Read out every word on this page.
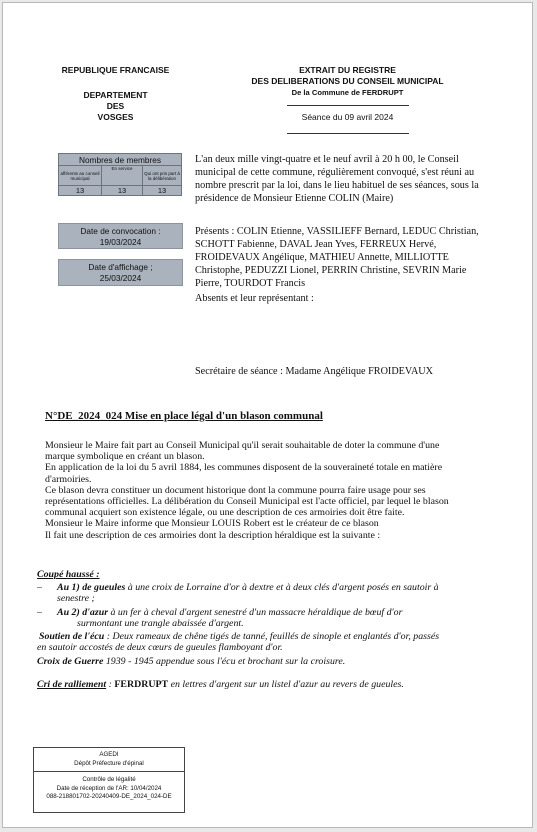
REPUBLIQUE FRANCAISE
DEPARTEMENT
DES
VOSGES
EXTRAIT DU REGISTRE
DES DELIBERATIONS DU CONSEIL MUNICIPAL
De la Commune de FERDRUPT
Séance du 09 avril 2024
Nombres de membres		
afférents au conseil municipal	En service	Qui ont pris part à la délibération
13	13	13
Date de convocation :
19/03/2024
Date d'affichage ;
25/03/2024
L'an deux mille vingt-quatre et le neuf avril à 20 h 00, le Conseil
municipal de cette commune, régulièrement convoqué, s'est réuni au
nombre prescrit par la loi, dans le lieu habituel de ses séances, sous la
présidence de Monsieur Etienne COLIN (Maire)
Présents : COLIN Etienne, VASSILIEFF Bernard, LEDUC Christian,
SCHOTT Fabienne, DAVAL Jean Yves, FERREUX Hervé,
FROIDEVAUX Angélique, MATHIEU Annette, MILLIOTTE
Christophe, PEDUZZI Lionel, PERRIN Christine, SEVRIN Marie
Pierre, TOURDOT Francis
Absents et leur représentant :
Secrétaire de séance : Madame Angélique FROIDEVAUX
N°DE_2024_024 Mise en place légal d'un blason communal
Monsieur le Maire fait part au Conseil Municipal qu'il serait souhaitable de doter la commune d'une
marque symbolique en créant un blason.
En application de la loi du 5 avril 1884, les communes disposent de la souveraineté totale en matière
d'armoiries.
Ce blason devra constituer un document historique dont la commune pourra faire usage pour ses
représentations officielles. La délibération du Conseil Municipal est l'acte officiel, par lequel le blason
communal acquiert son existence légale, ou une description de ces armoiries doit être faite.
Monsieur le Maire informe que Monsieur LOUIS Robert est le créateur de ce blason
Il fait une description de ces armoiries dont la description héraldique est la suivante :
Coupé haussé :
– Au 1) de gueules à une croix de Lorraine d'or à dextre et à deux clés d'argent posés en sautoir à
senestre ;
– Au 2) d'azur à un fer à cheval d'argent senestré d'un massacre héraldique de bœuf d'or
surmontant une trangle abaissée d'argent.
Soutien de l'écu : Deux rameaux de chêne tigés de tanné, feuillés de sinople et englantés d'or, passés
en sautoir accostés de deux cœurs de gueules flamboyant d'or.
Croix de Guerre 1939 - 1945 appendue sous l'écu et brochant sur la croisure.
Cri de ralliement : FERDRUPT en lettres d'argent sur un listel d'azur au revers de gueules.
AGEDI
Dépôt Préfecture d'épinal
Contrôle de légalité
Date de réception de l'AR: 10/04/2024
088-218801702-20240409-DE_2024_024-DE
